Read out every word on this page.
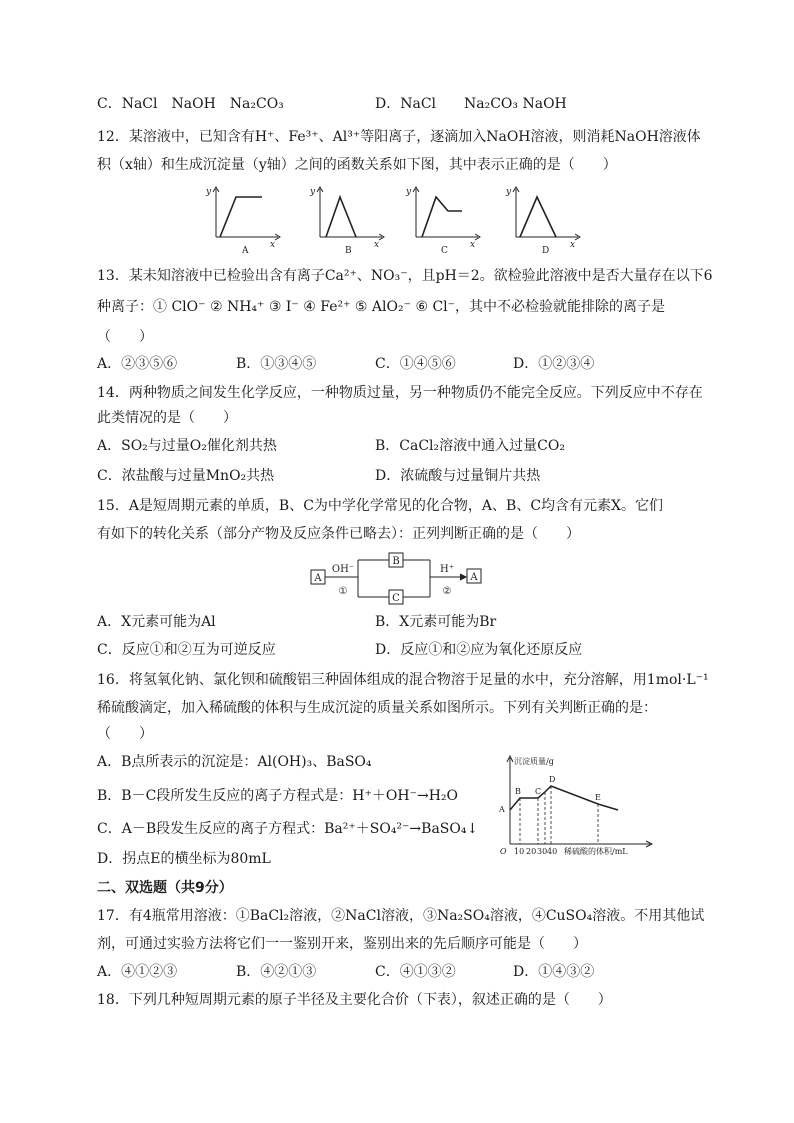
C．NaCl　NaOH　Na₂CO₃	D．NaCl　　Na₂CO₃ NaOH
12．某溶液中，已知含有H⁺、Fe³⁺、Al³⁺等阳离子，逐滴加入NaOH溶液，则消耗NaOH溶液体
积（x轴）和生成沉淀量（y轴）之间的函数关系如下图，其中表示正确的是（　　）
y
x
y
x
y
x
y
x
A	B	C	D
13．某未知溶液中已检验出含有离子Ca²⁺、NO₃⁻，且pH＝2。欲检验此溶液中是否大量存在以下6
种离子：① ClO⁻ ② NH₄⁺ ③ I⁻ ④ Fe²⁺ ⑤ AlO₂⁻ ⑥ Cl⁻，其中不必检验就能排除的离子是
（　　）
A．②③⑤⑥	B．①③④⑤	C．①④⑤⑥	D．①②③④
14．两种物质之间发生化学反应，一种物质过量，另一种物质仍不能完全反应。下列反应中不存在
此类情况的是（　　）
A．SO₂与过量O₂催化剂共热	B．CaCl₂溶液中通入过量CO₂
C．浓盐酸与过量MnO₂共热	D．浓硫酸与过量铜片共热
15．A是短周期元素的单质，B、C为中学化学常见的化合物，A、B、C均含有元素X。它们
有如下的转化关系（部分产物及反应条件已略去）：正列判断正确的是（　　）
A
B
C
A
OH⁻	H⁺
①	②
A．X元素可能为Al	B．X元素可能为Br
C．反应①和②互为可逆反应	D．反应①和②应为氧化还原反应
16．将氢氧化钠、氯化钡和硫酸铝三种固体组成的混合物溶于足量的水中，充分溶解，用1mol·L⁻¹
稀硫酸滴定，加入稀硫酸的体积与生成沉淀的质量关系如图所示。下列有关判断正确的是：
（　　）
A．B点所表示的沉淀是：Al(OH)₃、BaSO₄
B．B－C段所发生反应的离子方程式是：H⁺＋OH⁻→H₂O
C．A－B段发生反应的离子方程式：Ba²⁺＋SO₄²⁻→BaSO₄↓
D．拐点E的横坐标为80mL
沉淀质量/g
稀硫酸的体积/mL
O 10 20 30 40
A
B C
D
E
二、双选题（共9分）
17．有4瓶常用溶液：①BaCl₂溶液，②NaCl溶液，③Na₂SO₄溶液，④CuSO₄溶液。不用其他试
剂，可通过实验方法将它们一一鉴别开来，鉴别出来的先后顺序可能是（　　）
A．④①②③	B．④②①③	C．④①③②	D．①④③②
18．下列几种短周期元素的原子半径及主要化合价（下表），叙述正确的是（　　）
